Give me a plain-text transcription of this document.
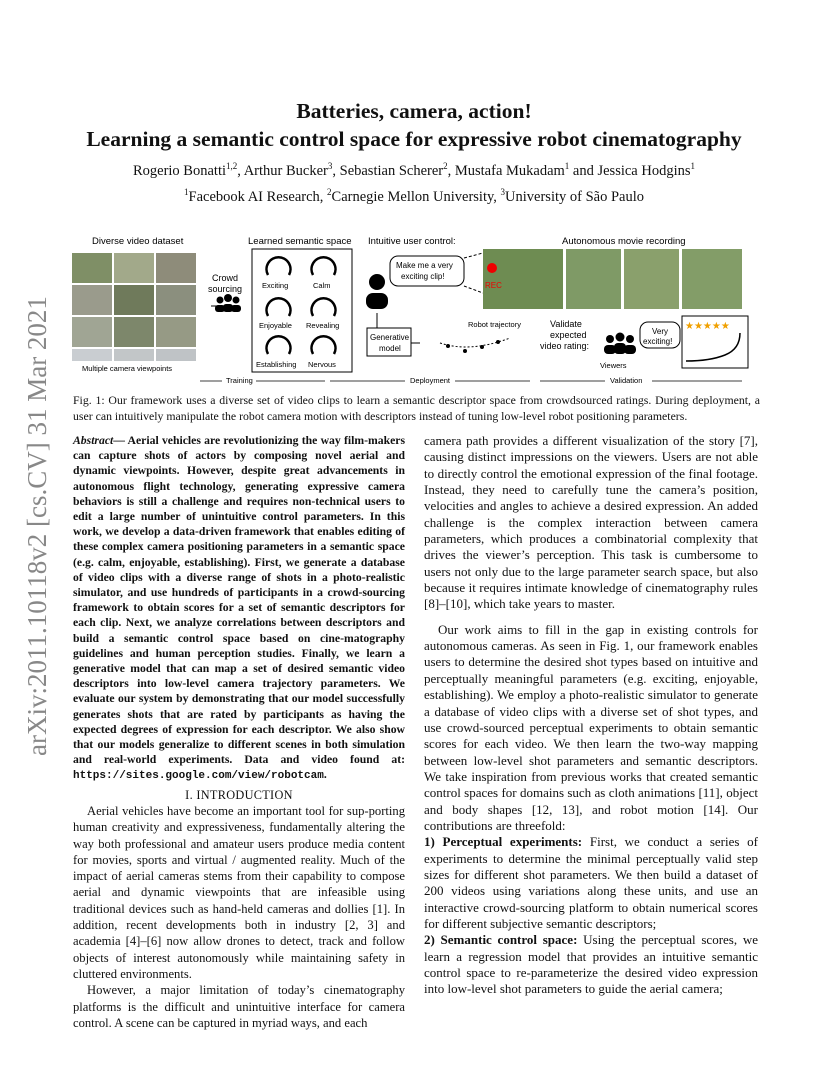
arXiv:2011.10118v2 [cs.CV] 31 Mar 2021
Batteries, camera, action!
Learning a semantic control space for expressive robot cinematography
Rogerio Bonatti$^{1,2}$, Arthur Bucker$^3$, Sebastian Scherer$^2$, Mustafa Mukadam$^1$ and Jessica Hodgins$^1$
$^1$Facebook AI Research, $^2$Carnegie Mellon University, $^3$University of São Paulo
Diverse video dataset	Learned semantic space Intuitive user control:	Autonomous movie recording
Multiple camera viewpoints
Crowd
sourcing	Exciting	Calm
Enjoyable Revealing
Establishing Nervous
Make me a very
exciting clip!
Generative
model
Robot trajectory
REC
Validate
expected
video rating:
Very
exciting!
★★★★★
Viewers
Training	Deployment	Validation
Fig. 1: Our framework uses a diverse set of video clips to learn a semantic descriptor space from crowdsourced ratings. During deployment, a user can intuitively manipulate the robot camera motion with descriptors instead of tuning low-level robot positioning parameters.

Abstract— Aerial vehicles are revolutionizing the way film-makers can capture shots of actors by composing novel aerial and dynamic viewpoints. However, despite great advancements in autonomous flight technology, generating expressive camera behaviors is still a challenge and requires non-technical users to edit a large number of unintuitive control parameters. In this work, we develop a data-driven framework that enables editing of these complex camera positioning parameters in a semantic space (e.g. calm, enjoyable, establishing). First, we generate a database of video clips with a diverse range of shots in a photo-realistic simulator, and use hundreds of participants in a crowd-sourcing framework to obtain scores for a set of semantic descriptors for each clip. Next, we analyze correlations between descriptors and build a semantic control space based on cine-matography guidelines and human perception studies. Finally, we learn a generative model that can map a set of desired semantic video descriptors into low-level camera trajectory parameters. We evaluate our system by demonstrating that our model successfully generates shots that are rated by participants as having the expected degrees of expression for each descriptor. We also show that our models generalize to different scenes in both simulation and real-world experiments. Data and video found at: https://sites.google.com/view/robotcam.

I. INTRODUCTION

Aerial vehicles have become an important tool for sup-porting human creativity and expressiveness, fundamentally altering the way both professional and amateur users produce media content for movies, sports and virtual / augmented reality. Much of the impact of aerial cameras stems from their capability to compose aerial and dynamic viewpoints that are infeasible using traditional devices such as hand-held cameras and dollies [1]. In addition, recent developments both in industry [2, 3] and academia [4]–[6] now allow drones to detect, track and follow objects of interest autonomously while maintaining safety in cluttered environments.

However, a major limitation of today’s cinematography platforms is the difficult and unintuitive interface for camera control. A scene can be captured in myriad ways, and each

camera path provides a different visualization of the story [7], causing distinct impressions on the viewers. Users are not able to directly control the emotional expression of the final footage. Instead, they need to carefully tune the camera’s position, velocities and angles to achieve a desired expression. An added challenge is the complex interaction between camera parameters, which produces a combinatorial complexity that drives the viewer’s perception. This task is cumbersome to users not only due to the large parameter search space, but also because it requires intimate knowledge of cinematography rules [8]–[10], which take years to master.

Our work aims to fill in the gap in existing controls for autonomous cameras. As seen in Fig. 1, our framework enables users to determine the desired shot types based on intuitive and perceptually meaningful parameters (e.g. exciting, enjoyable, establishing). We employ a photo-realistic simulator to generate a database of video clips with a diverse set of shot types, and use crowd-sourced perceptual experiments to obtain semantic scores for each video. We then learn the two-way mapping between low-level shot parameters and semantic descriptors. We take inspiration from previous works that created semantic control spaces for domains such as cloth animations [11], object and body shapes [12, 13], and robot motion [14]. Our contributions are threefold:

1) Perceptual experiments: First, we conduct a series of experiments to determine the minimal perceptually valid step sizes for different shot parameters. We then build a dataset of 200 videos using variations along these units, and use an interactive crowd-sourcing platform to obtain numerical scores for different subjective semantic descriptors;

2) Semantic control space: Using the perceptual scores, we learn a regression model that provides an intuitive semantic control space to re-parameterize the desired video expression into low-level shot parameters to guide the aerial camera;
